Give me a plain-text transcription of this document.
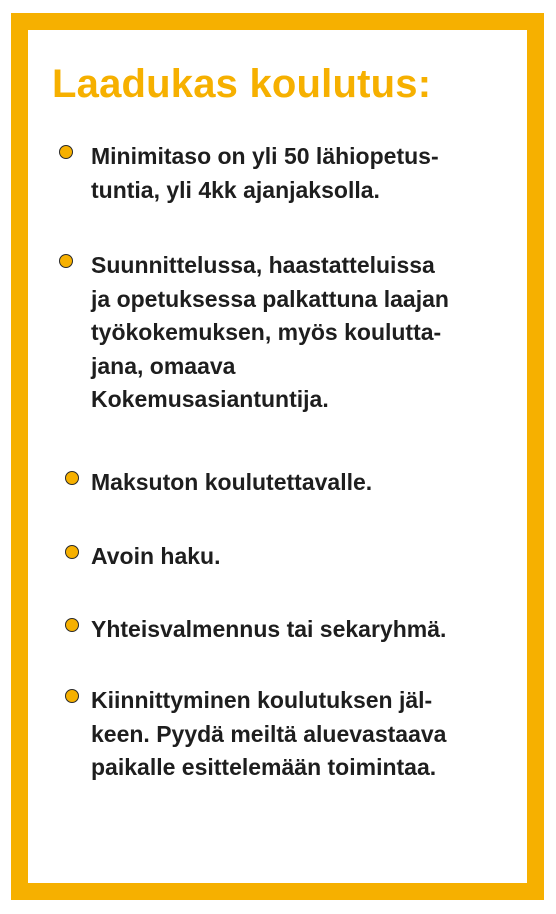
Laadukas koulutus:

Minimitaso on yli 50 lähiopetus-
tuntia, yli 4kk ajanjaksolla.

Suunnittelussa, haastatteluissa
ja opetuksessa palkattuna laajan
työkokemuksen, myös koulutta-
jana, omaava
Kokemusasiantuntija.

Maksuton koulutettavalle.

Avoin haku.

Yhteisvalmennus tai sekaryhmä.

Kiinnittyminen koulutuksen jäl-
keen. Pyydä meiltä aluevastaava
paikalle esittelemään toimintaa.
